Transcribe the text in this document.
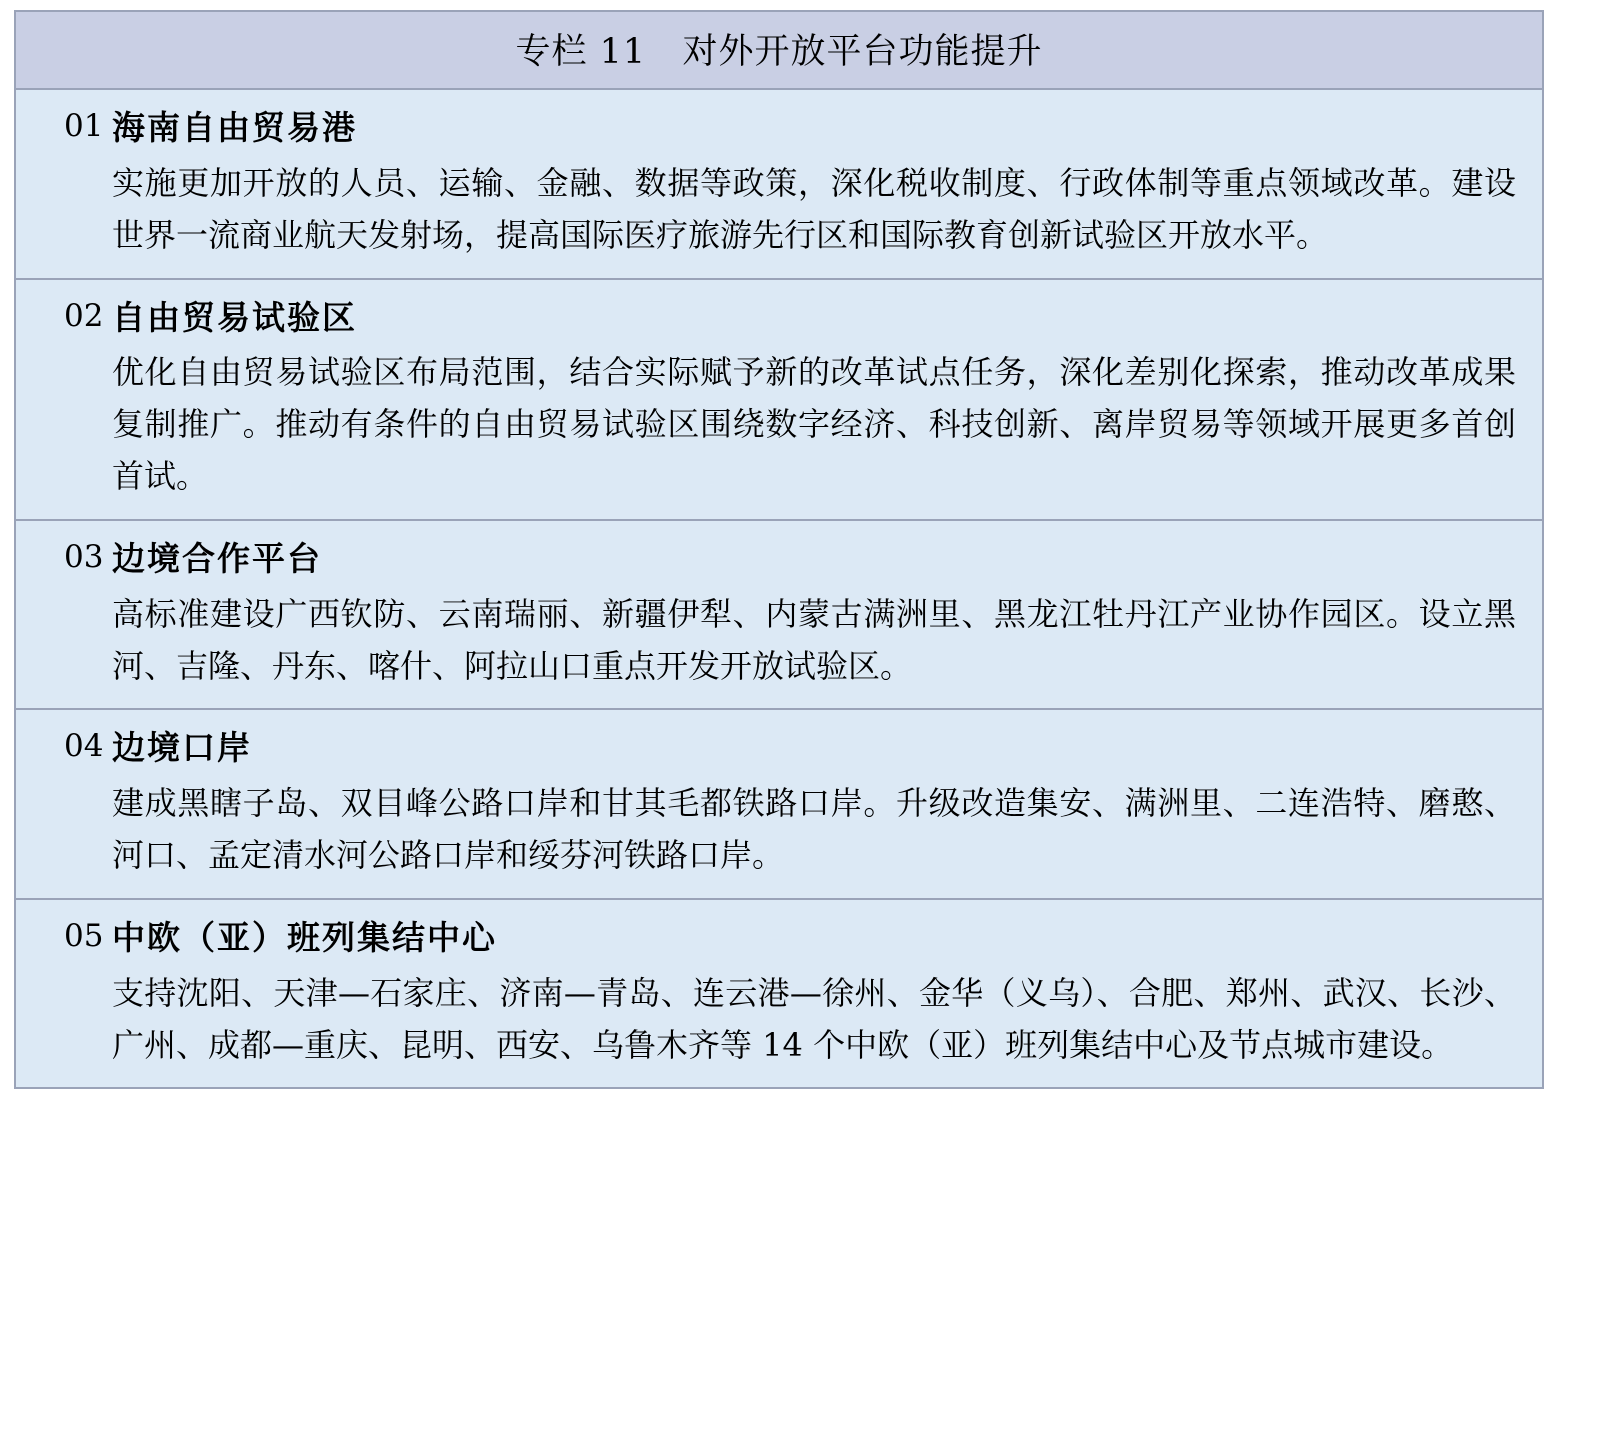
专栏 11   对外开放平台功能提升
01 海南自由贸易港
实施更加开放的人员、运输、金融、数据等政策，深化税收制度、行政体制等重点领域改革。建设世界一流商业航天发射场，提高国际医疗旅游先行区和国际教育创新试验区开放水平。
02 自由贸易试验区
优化自由贸易试验区布局范围，结合实际赋予新的改革试点任务，深化差别化探索，推动改革成果复制推广。推动有条件的自由贸易试验区围绕数字经济、科技创新、离岸贸易等领域开展更多首创首试。
03 边境合作平台
高标准建设广西钦防、云南瑞丽、新疆伊犁、内蒙古满洲里、黑龙江牡丹江产业协作园区。设立黑河、吉隆、丹东、喀什、阿拉山口重点开发开放试验区。
04 边境口岸
建成黑瞎子岛、双目峰公路口岸和甘其毛都铁路口岸。升级改造集安、满洲里、二连浩特、磨憨、河口、孟定清水河公路口岸和绥芬河铁路口岸。
05 中欧（亚）班列集结中心
支持沈阳、天津—石家庄、济南—青岛、连云港—徐州、金华（义乌）、合肥、郑州、武汉、长沙、广州、成都—重庆、昆明、西安、乌鲁木齐等 14 个中欧（亚）班列集结中心及节点城市建设。
